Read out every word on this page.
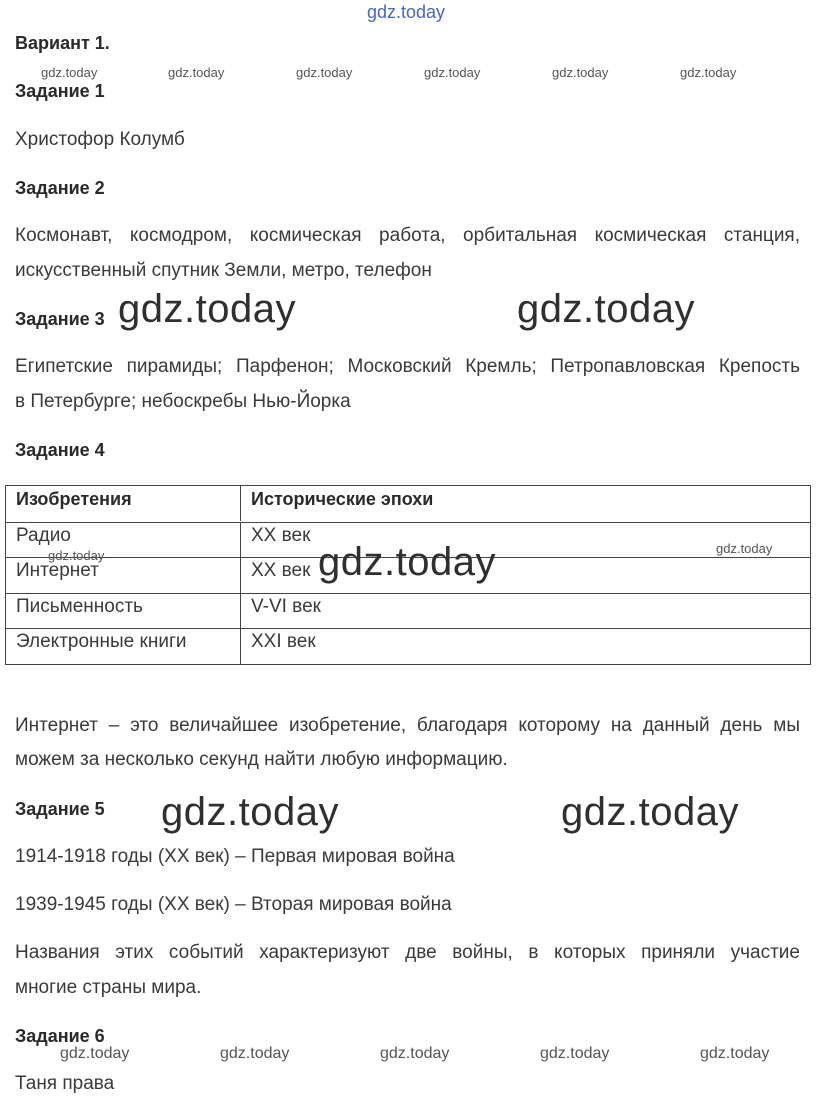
gdz.today
gdz.today	gdz.today	gdz.today	gdz.today	gdz.today	gdz.today
Вариант 1.
Задание 1
Христофор Колумб
Задание 2
Космонавт, космодром, космическая работа, орбитальная космическая станция,
искусственный спутник Земли, метро, телефон
Задание 3 gdz.today	gdz.today
Египетские пирамиды; Парфенон; Московский Кремль; Петропавловская Крепость
в Петербурге; небоскребы Нью-Йорка
Задание 4
Изобретения	Исторические эпохи
Радио	XX век
Интернет	XX век
Письменность	V-VI век
Электронные книги	XXI век
gdz.today	gdz.today
gdz.today
Интернет – это величайшее изобретение, благодаря которому на данный день мы
можем за несколько секунд найти любую информацию.
Задание 5 gdz.today	gdz.today
1914-1918 годы (XX век) – Первая мировая война
1939-1945 годы (XX век) – Вторая мировая война
Названия этих событий характеризуют две войны, в которых приняли участие
многие страны мира.
Задание 6
gdz.today	gdz.today	gdz.today	gdz.today	gdz.today
Таня права
